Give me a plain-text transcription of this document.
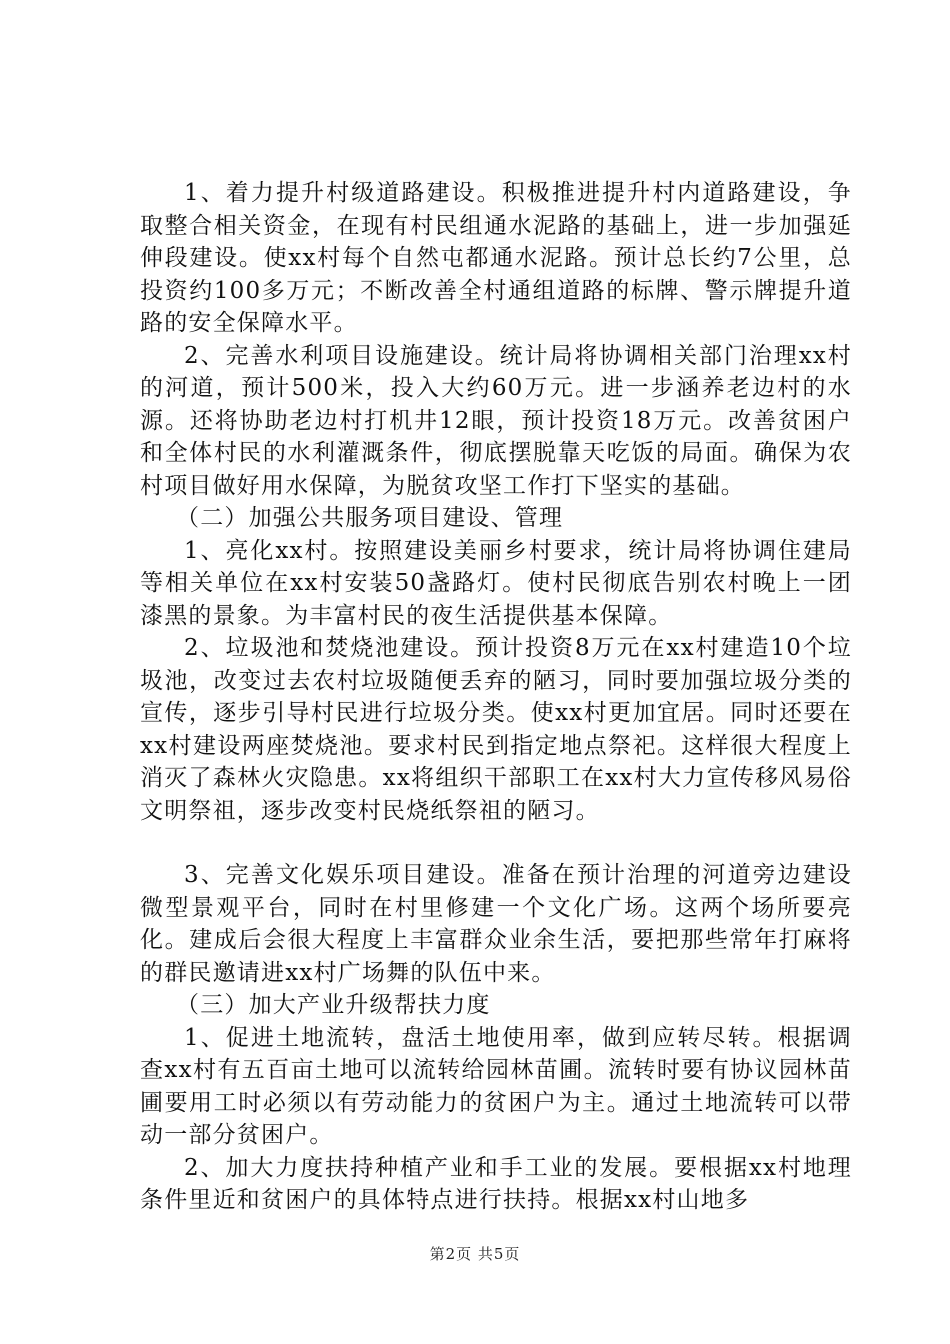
1、着力提升村级道路建设。积极推进提升村内道路建设，争取整合相关资金，在现有村民组通水泥路的基础上，进一步加强延伸段建设。使xx村每个自然屯都通水泥路。预计总长约7公里，总投资约100多万元；不断改善全村通组道路的标牌、警示牌提升道路的安全保障水平。

2、完善水利项目设施建设。统计局将协调相关部门治理xx村的河道，预计500米，投入大约60万元。进一步涵养老边村的水源。还将协助老边村打机井12眼，预计投资18万元。改善贫困户和全体村民的水利灌溉条件，彻底摆脱靠天吃饭的局面。确保为农村项目做好用水保障，为脱贫攻坚工作打下坚实的基础。

（二）加强公共服务项目建设、管理

1、亮化xx村。按照建设美丽乡村要求，统计局将协调住建局等相关单位在xx村安装50盏路灯。使村民彻底告别农村晚上一团漆黑的景象。为丰富村民的夜生活提供基本保障。

2、垃圾池和焚烧池建设。预计投资8万元在xx村建造10个垃圾池，改变过去农村垃圾随便丢弃的陋习，同时要加强垃圾分类的宣传，逐步引导村民进行垃圾分类。使xx村更加宜居。同时还要在xx村建设两座焚烧池。要求村民到指定地点祭祀。这样很大程度上消灭了森林火灾隐患。xx将组织干部职工在xx村大力宣传移风易俗文明祭祖，逐步改变村民烧纸祭祖的陋习。

3、完善文化娱乐项目建设。准备在预计治理的河道旁边建设微型景观平台，同时在村里修建一个文化广场。这两个场所要亮化。建成后会很大程度上丰富群众业余生活，要把那些常年打麻将的群民邀请进xx村广场舞的队伍中来。

（三）加大产业升级帮扶力度

1、促进土地流转，盘活土地使用率，做到应转尽转。根据调查xx村有五百亩土地可以流转给园林苗圃。流转时要有协议园林苗圃要用工时必须以有劳动能力的贫困户为主。通过土地流转可以带动一部分贫困户。

2、加大力度扶持种植产业和手工业的发展。要根据xx村地理条件里近和贫困户的具体特点进行扶持。根据xx村山地多

第2页 共5页
